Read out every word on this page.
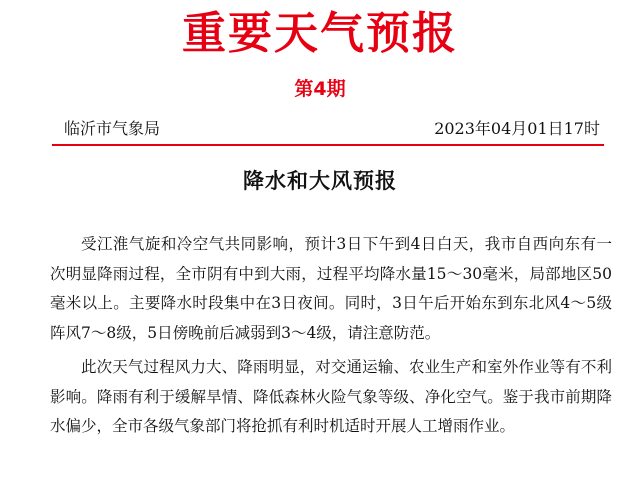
重要天气预报
第4期
临沂市气象局	2023年04月01日17时
降水和大风预报

受江淮气旋和冷空气共同影响，预计3日下午到4日白天，我市自西向东有一次明显降雨过程，全市阴有中到大雨，过程平均降水量15～30毫米，局部地区50毫米以上。主要降水时段集中在3日夜间。同时，3日午后开始东到东北风4～5级阵风7～8级，5日傍晚前后减弱到3～4级，请注意防范。

此次天气过程风力大、降雨明显，对交通运输、农业生产和室外作业等有不利影响。降雨有利于缓解旱情、降低森林火险气象等级、净化空气。鉴于我市前期降水偏少，全市各级气象部门将抢抓有利时机适时开展人工增雨作业。
